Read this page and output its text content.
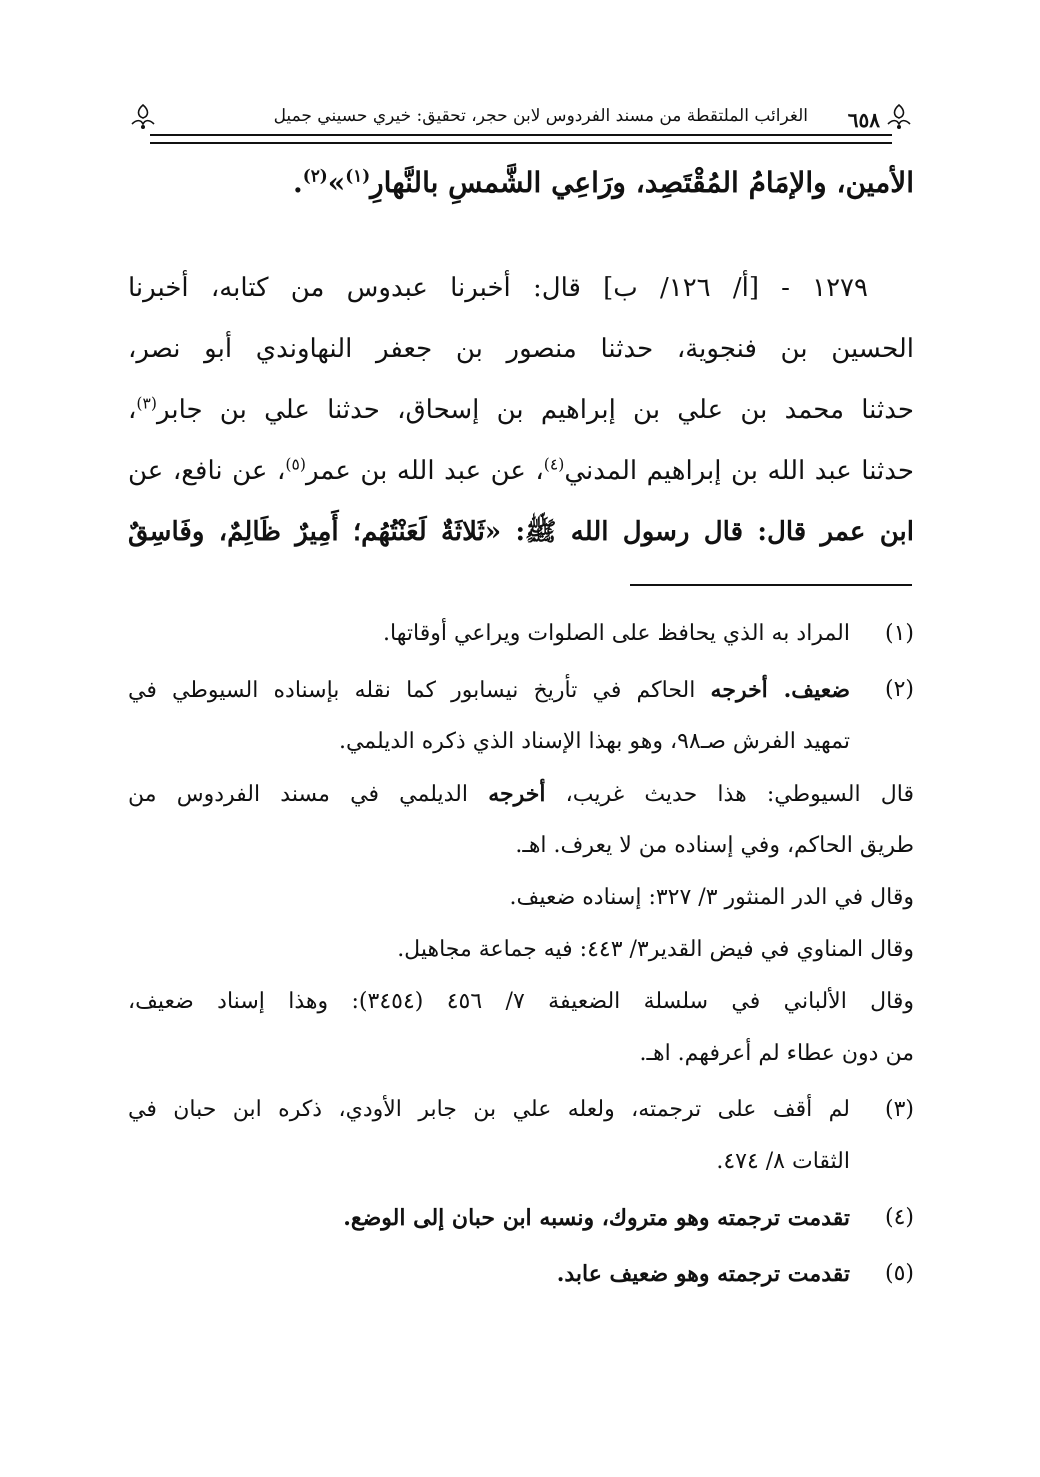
٦٥٨
الغرائب الملتقطة من مسند الفردوس لابن حجر، تحقيق: خيري حسيني جميل
الأمين، والإمَامُ المُقْتَصِد، ورَاعِي الشَّمسِ بالنَّهارِ$^{(١)}$»$^{(٢)}$.
١٢٧٩ - [أ/ ١٢٦/ ب] قال: أخبرنا عبدوس من كتابه، أخبرنا
الحسين بن فنجوية، حدثنا منصور بن جعفر النهاوندي أبو نصر،
حدثنا محمد بن علي بن إبراهيم بن إسحاق، حدثنا علي بن جابر$^{(٣)}$،
حدثنا عبد الله بن إبراهيم المدني$^{(٤)}$، عن عبد الله بن عمر$^{(٥)}$، عن نافع، عن
ابن عمر قال: قال رسول الله ﷺ: «ثَلاثَةٌ لَعَنْتُهُم؛ أَمِيرٌ ظَالِمٌ، وفَاسِقٌ
(١)
المراد به الذي يحافظ على الصلوات ويراعي أوقاتها.
(٢)
ضعيف. أخرجه الحاكم في تأريخ نيسابور كما نقله بإسناده السيوطي في
تمهيد الفرش صـ٩٨، وهو بهذا الإسناد الذي ذكره الديلمي.
قال السيوطي: هذا حديث غريب، أخرجه الديلمي في مسند الفردوس من
طريق الحاكم، وفي إسناده من لا يعرف. اهـ.
وقال في الدر المنثور ٣/ ٣٢٧: إسناده ضعيف.
وقال المناوي في فيض القدير٣/ ٤٤٣: فيه جماعة مجاهيل.
وقال الألباني في سلسلة الضعيفة ٧/ ٤٥٦ (٣٤٥٤): وهذا إسناد ضعيف،
من دون عطاء لم أعرفهم. اهـ.
(٣)
لم أقف على ترجمته، ولعله علي بن جابر الأودي، ذكره ابن حبان في
الثقات ٨/ ٤٧٤.
(٤)
تقدمت ترجمته وهو متروك، ونسبه ابن حبان إلى الوضع.
(٥)
تقدمت ترجمته وهو ضعيف عابد.
